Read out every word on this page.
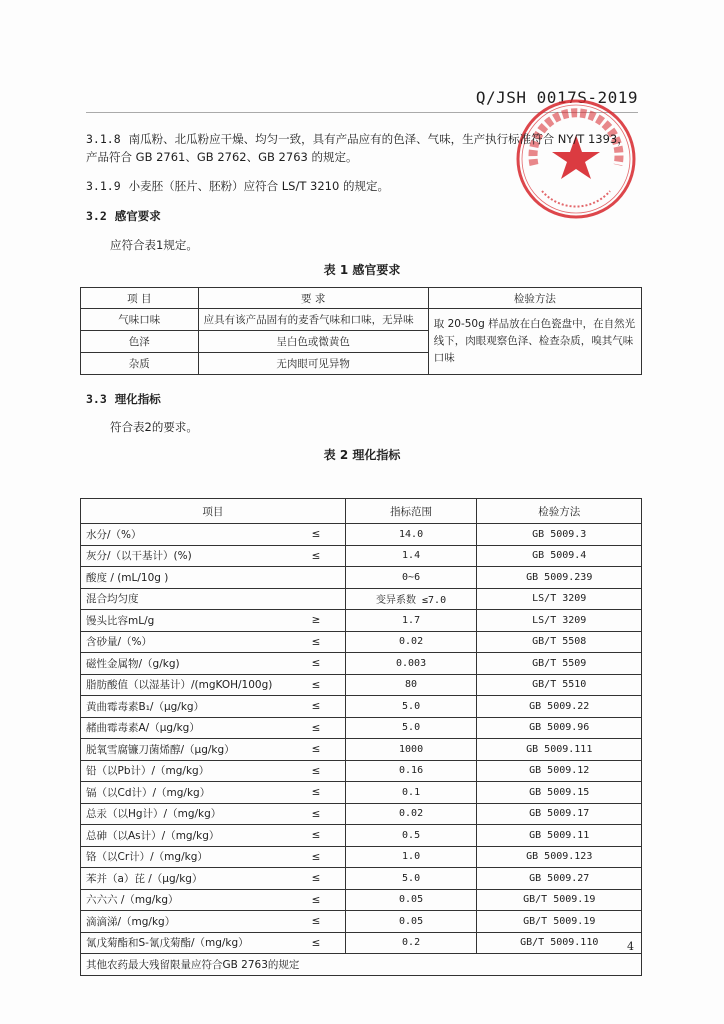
Q/JSH 0017S-2019
3.1.8 南瓜粉、北瓜粉应干燥、均匀一致，具有产品应有的色泽、气味，生产执行标准符合 NY/T 1393，
产品符合 GB 2761、GB 2762、GB 2763 的规定。
3.1.9 小麦胚（胚片、胚粉）应符合 LS/T 3210 的规定。
3.2 感官要求
应符合表1规定。
表 1 感官要求
项 目	要 求	检验方法
气味口味	应具有该产品固有的麦香气味和口味，无异味	取 20-50g 样品放在白色瓷盘中，在自然光线下，肉眼观察色泽、检查杂质，嗅其气味口味
色泽	呈白色或微黄色	
杂质	无肉眼可见异物	
3.3 理化指标
符合表2的要求。
表 2 理化指标
项目		指标范围	检验方法
水分/（%）	≤	14.0	GB 5009.3
灰分/（以干基计）(%)	≤	1.4	GB 5009.4
酸度 / (mL/10g )		0~6	GB 5009.239
混合均匀度		变异系数 ≤7.0	LS/T 3209
馒头比容mL/g	≥	1.7	LS/T 3209
含砂量/（%）	≤	0.02	GB/T 5508
磁性金属物/（g/kg)	≤	0.003	GB/T 5509
脂肪酸值（以湿基计）/(mgKOH/100g)	≤	80	GB/T 5510
黄曲霉毒素B₁/（μg/kg）	≤	5.0	GB 5009.22
赭曲霉毒素A/（μg/kg）	≤	5.0	GB 5009.96
脱氧雪腐镰刀菌烯醇/（μg/kg）	≤	1000	GB 5009.111
铅（以Pb计）/（mg/kg）	≤	0.16	GB 5009.12
镉（以Cd计）/（mg/kg）	≤	0.1	GB 5009.15
总汞（以Hg计）/（mg/kg）	≤	0.02	GB 5009.17
总砷（以As计）/（mg/kg）	≤	0.5	GB 5009.11
铬（以Cr计）/（mg/kg）	≤	1.0	GB 5009.123
苯并（a）芘 /（μg/kg）	≤	5.0	GB 5009.27
六六六 /（mg/kg）	≤	0.05	GB/T 5009.19
滴滴涕/（mg/kg）	≤	0.05	GB/T 5009.19
氰戊菊酯和S-氰戊菊酯/（mg/kg）	≤	0.2	GB/T 5009.110
其他农药最大残留限量应符合GB 2763的规定			
4
